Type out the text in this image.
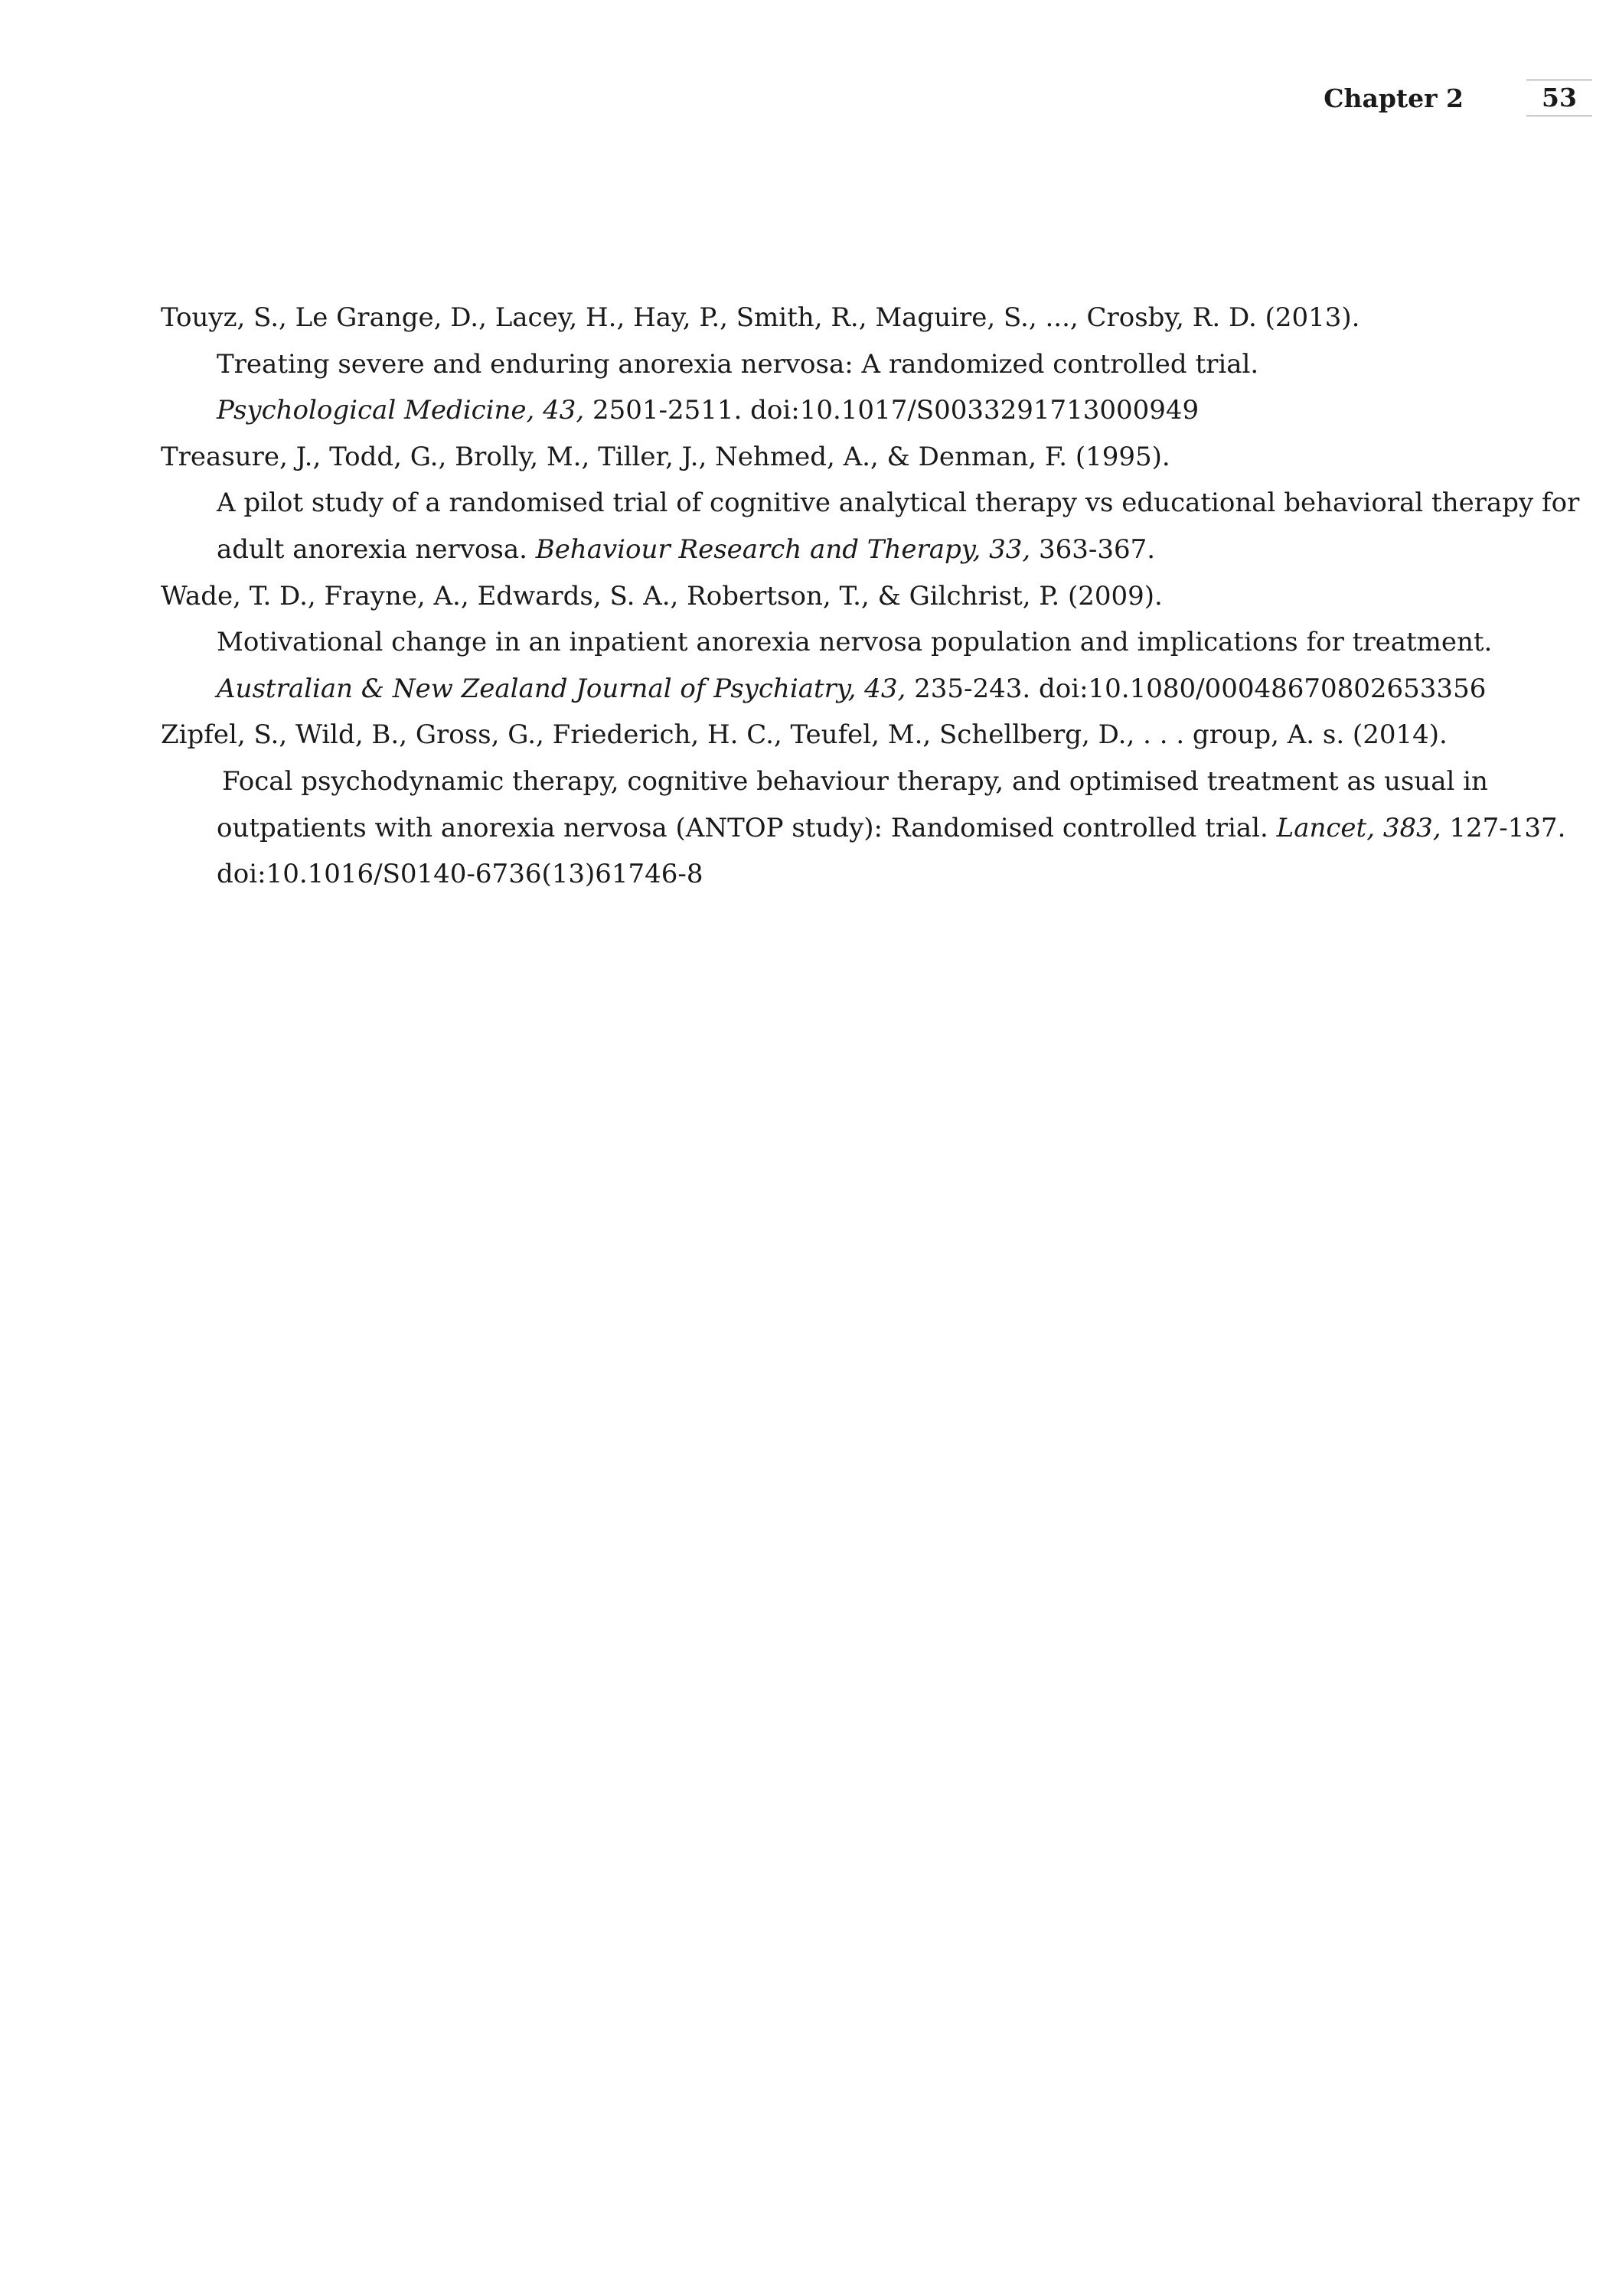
Chapter 2	53
Touyz, S., Le Grange, D., Lacey, H., Hay, P., Smith, R., Maguire, S., ..., Crosby, R. D. (2013).
Treating severe and enduring anorexia nervosa: A randomized controlled trial.
Psychological Medicine, 43, 2501-2511. doi:10.1017/S0033291713000949
Treasure, J., Todd, G., Brolly, M., Tiller, J., Nehmed, A., & Denman, F. (1995).
A pilot study of a randomised trial of cognitive analytical therapy vs educational behavioral therapy for
adult anorexia nervosa. Behaviour Research and Therapy, 33, 363-367.
Wade, T. D., Frayne, A., Edwards, S. A., Robertson, T., & Gilchrist, P. (2009).
Motivational change in an inpatient anorexia nervosa population and implications for treatment.
Australian & New Zealand Journal of Psychiatry, 43, 235-243. doi:10.1080/00048670802653356
Zipfel, S., Wild, B., Gross, G., Friederich, H. C., Teufel, M., Schellberg, D., . . . group, A. s. (2014).
Focal psychodynamic therapy, cognitive behaviour therapy, and optimised treatment as usual in
outpatients with anorexia nervosa (ANTOP study): Randomised controlled trial. Lancet, 383, 127-137.
doi:10.1016/S0140-6736(13)61746-8
